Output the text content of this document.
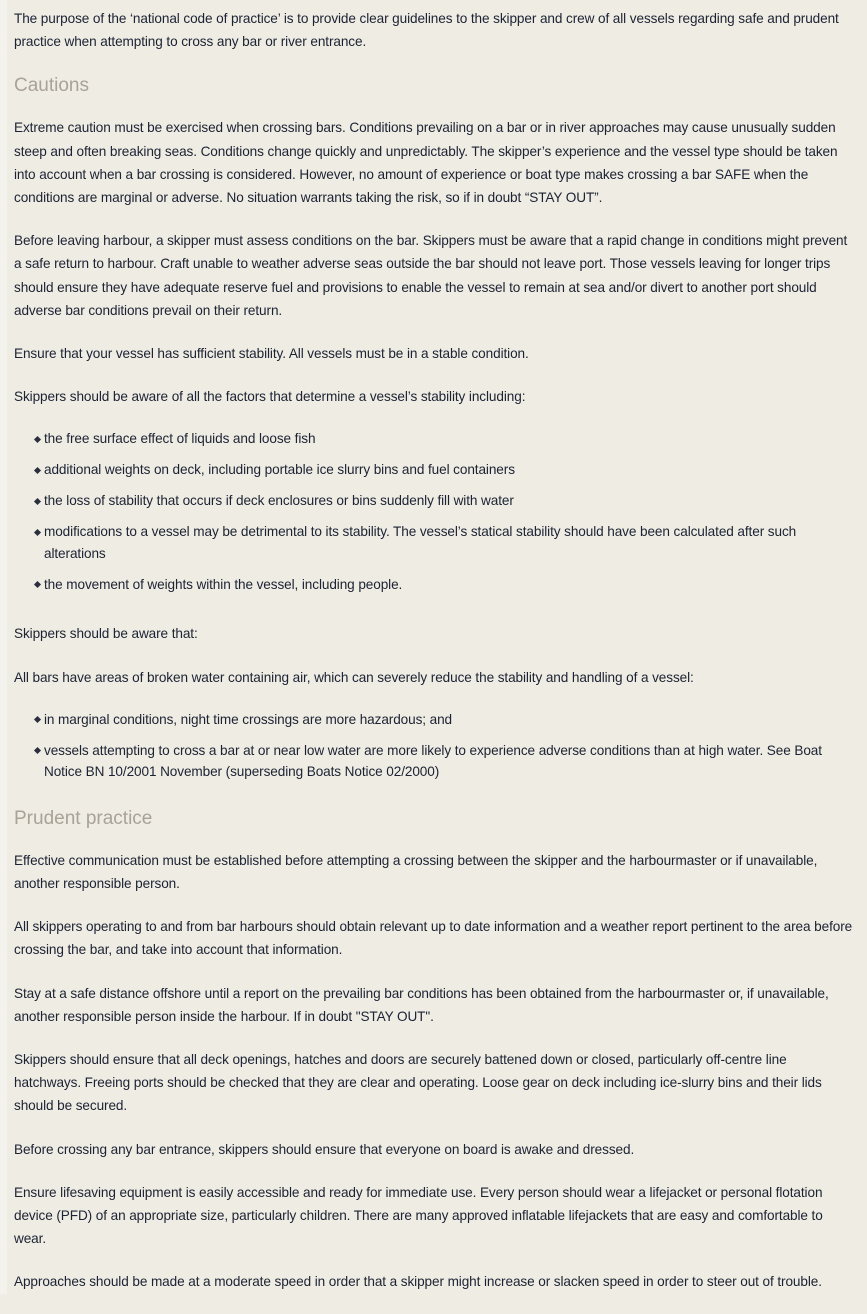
The purpose of the ‘national code of practice’ is to provide clear guidelines to the skipper and crew of all vessels regarding safe and prudent practice when attempting to cross any bar or river entrance.

Cautions

Extreme caution must be exercised when crossing bars. Conditions prevailing on a bar or in river approaches may cause unusually sudden steep and often breaking seas. Conditions change quickly and unpredictably. The skipper’s experience and the vessel type should be taken into account when a bar crossing is considered. However, no amount of experience or boat type makes crossing a bar SAFE when the conditions are marginal or adverse. No situation warrants taking the risk, so if in doubt “STAY OUT”.

Before leaving harbour, a skipper must assess conditions on the bar. Skippers must be aware that a rapid change in conditions might prevent a safe return to harbour. Craft unable to weather adverse seas outside the bar should not leave port. Those vessels leaving for longer trips should ensure they have adequate reserve fuel and provisions to enable the vessel to remain at sea and/or divert to another port should adverse bar conditions prevail on their return.

Ensure that your vessel has sufficient stability. All vessels must be in a stable condition.

Skippers should be aware of all the factors that determine a vessel’s stability including:

the free surface effect of liquids and loose fish
additional weights on deck, including portable ice slurry bins and fuel containers
the loss of stability that occurs if deck enclosures or bins suddenly fill with water
modifications to a vessel may be detrimental to its stability. The vessel’s statical stability should have been calculated after such alterations
the movement of weights within the vessel, including people.

Skippers should be aware that:

All bars have areas of broken water containing air, which can severely reduce the stability and handling of a vessel:

in marginal conditions, night time crossings are more hazardous; and
vessels attempting to cross a bar at or near low water are more likely to experience adverse conditions than at high water. See Boat Notice BN 10/2001 November (superseding Boats Notice 02/2000)
Prudent practice

Effective communication must be established before attempting a crossing between the skipper and the harbourmaster or if unavailable, another responsible person.

All skippers operating to and from bar harbours should obtain relevant up to date information and a weather report pertinent to the area before crossing the bar, and take into account that information.

Stay at a safe distance offshore until a report on the prevailing bar conditions has been obtained from the harbourmaster or, if unavailable, another responsible person inside the harbour. If in doubt "STAY OUT".

Skippers should ensure that all deck openings, hatches and doors are securely battened down or closed, particularly off-centre line hatchways. Freeing ports should be checked that they are clear and operating. Loose gear on deck including ice-slurry bins and their lids should be secured.

Before crossing any bar entrance, skippers should ensure that everyone on board is awake and dressed.

Ensure lifesaving equipment is easily accessible and ready for immediate use. Every person should wear a lifejacket or personal flotation device (PFD) of an appropriate size, particularly children. There are many approved inflatable lifejackets that are easy and comfortable to wear.

Approaches should be made at a moderate speed in order that a skipper might increase or slacken speed in order to steer out of trouble.
